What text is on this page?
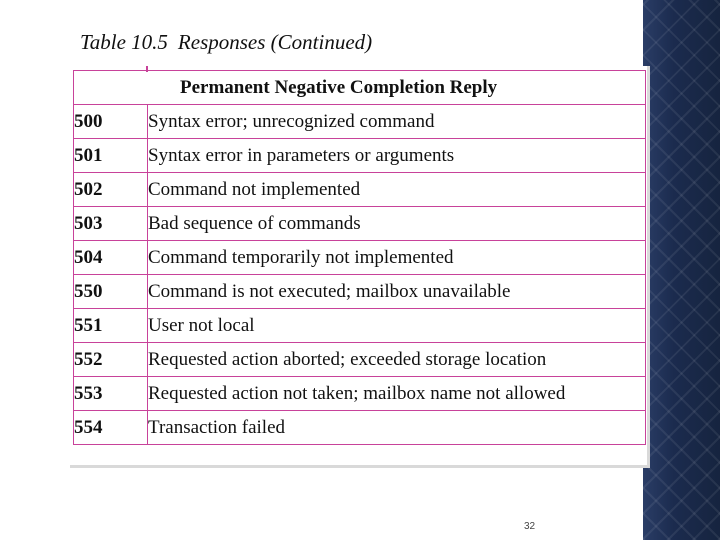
Table 10.5 Responses (Continued)
Permanent Negative Completion Reply	
500	Syntax error; unrecognized command
501	Syntax error in parameters or arguments
502	Command not implemented
503	Bad sequence of commands
504	Command temporarily not implemented
550	Command is not executed; mailbox unavailable
551	User not local
552	Requested action aborted; exceeded storage location
553	Requested action not taken; mailbox name not allowed
554	Transaction failed
32
